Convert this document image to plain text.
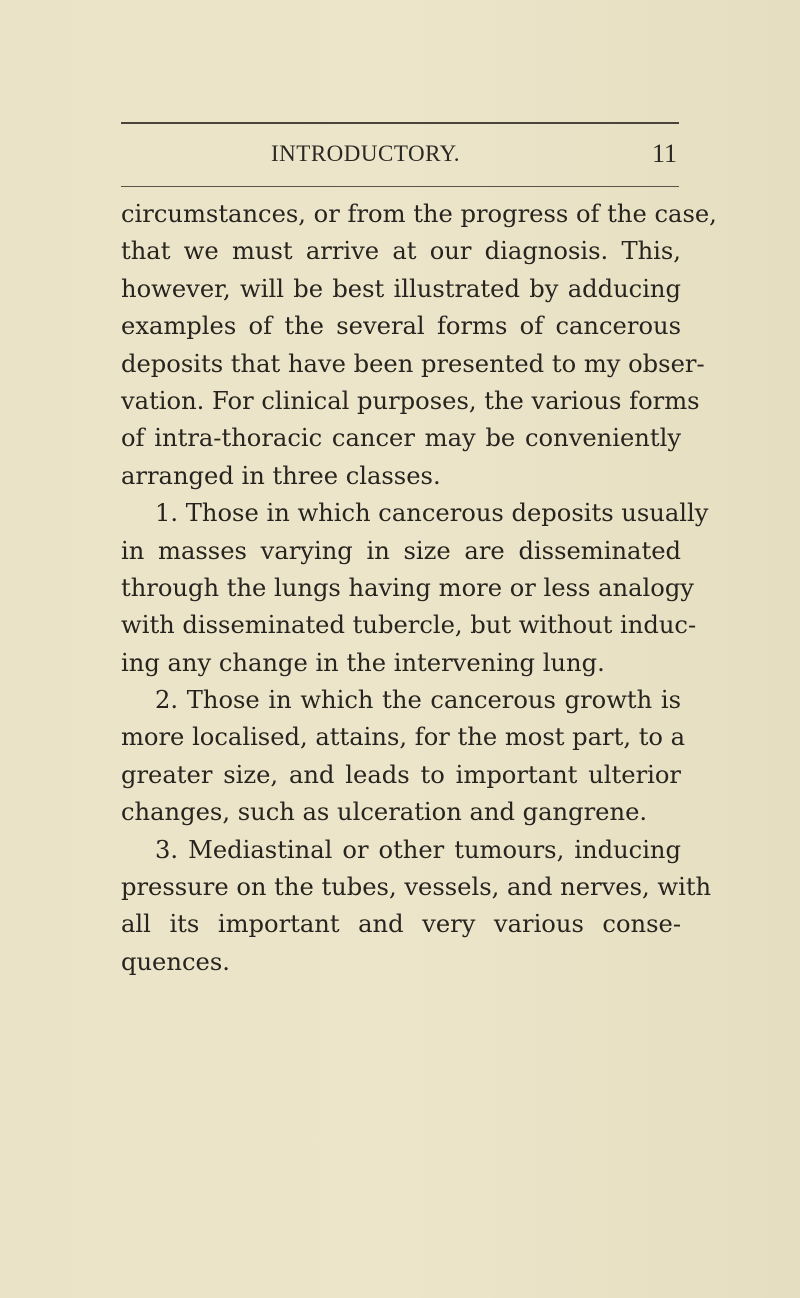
INTRODUCTORY.	11
circumstances, or from the progress of the case,
that we must arrive at our diagnosis. This,
however, will be best illustrated by adducing
examples of the several forms of cancerous
deposits that have been presented to my obser-
vation. For clinical purposes, the various forms
of intra-thoracic cancer may be conveniently
arranged in three classes.
1. Those in which cancerous deposits usually
in masses varying in size are disseminated
through the lungs having more or less analogy
with disseminated tubercle, but without induc-
ing any change in the intervening lung.
2. Those in which the cancerous growth is
more localised, attains, for the most part, to a
greater size, and leads to important ulterior
changes, such as ulceration and gangrene.
3. Mediastinal or other tumours, inducing
pressure on the tubes, vessels, and nerves, with
all its important and very various conse-
quences.
